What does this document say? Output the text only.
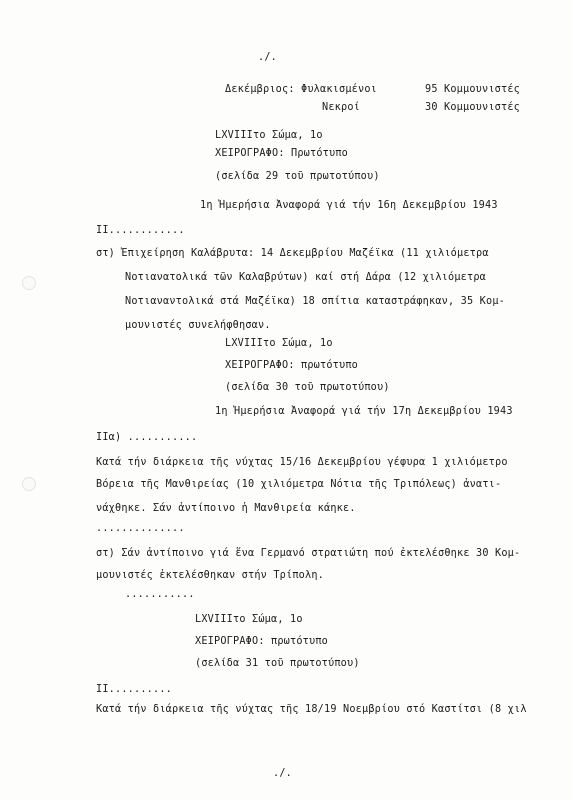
./.
Δεκέμβριος: Φυλακισμένοι	95 Κομμουνιστές
Νεκροί	30 Κομμουνιστές
LXVIIIτο Σώμα, 1ο
ΧΕΙΡΟΓΡΑΦΟ: Πρωτότυπο
(σελίδα 29 τοῦ πρωτοτύπου)
1η Ἡμερήσια Ἀναφορά γιά τήν 16η Δεκεμβρίου 1943
II............
στ) Ἐπιχείρηση Καλάβρυτα: 14 Δεκεμβρίου Μαζέϊκα (11 χιλιόμετρα
Νοτιανατολικά τῶν Καλαβρύτων) καί στή Δάρα (12 χιλιόμετρα
Νοτιαναντολικά στά Μαζέϊκα) 18 σπίτια καταστράφηκαν, 35 Κομ-
μουνιστές συνελήφθησαν.
LXVIIIτο Σώμα, 1ο
ΧΕΙΡΟΓΡΑΦΟ: πρωτότυπο
(σελίδα 30 τοῦ πρωτοτύπου)
1η Ἡμερήσια Ἀναφορά γιά τήν 17η Δεκεμβρίου 1943
IIα) ...........
Κατά τήν διάρκεια τῆς νύχτας 15/16 Δεκεμβρίου γέφυρα 1 χιλιόμετρο
Βόρεια τῆς Μανθιρείας (10 χιλιόμετρα Νότια τῆς Τριπόλεως) ἀνατι-
νάχθηκε. Σάν ἀντίποινο ἡ Μανθιρεία κάηκε.
..............
στ) Σάν ἀντίποινο γιά ἕνα Γερμανό στρατιώτη πού ἐκτελέσθηκε 30 Κομ-
μουνιστές ἐκτελέσθηκαν στήν Τρίπολη.
...........
LXVIIIτο Σώμα, 1ο
ΧΕΙΡΟΓΡΑΦΟ: πρωτότυπο
(σελίδα 31 τοῦ πρωτοτύπου)
II..........
Κατά τήν διάρκεια τῆς νύχτας τῆς 18/19 Νοεμβρίου στό Καστίτσι (8 χιλ
./.
